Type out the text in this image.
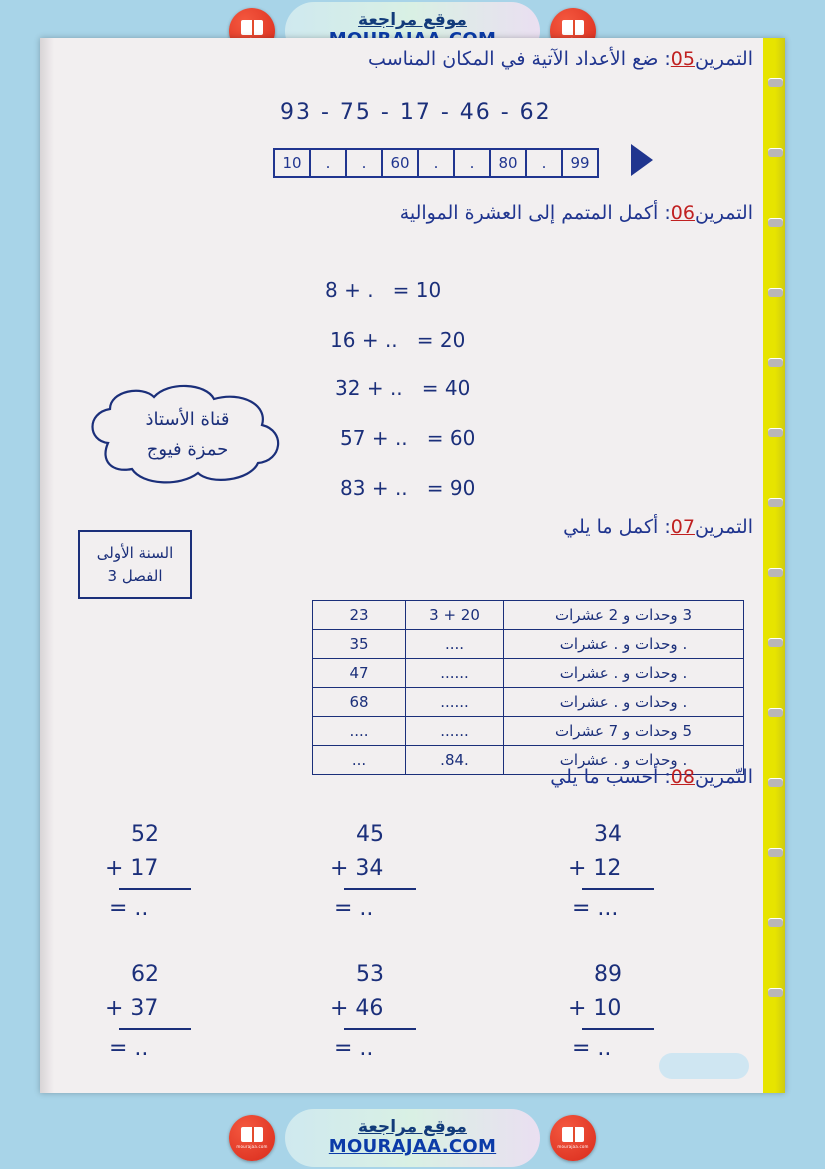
موقع مراجعة
التمرين05: ضع الأعداد الآتية في المكان المناسب
93 - 75 - 17 - 46 - 62
10	.	.	60	.	.	80	.	99
التمرين06: أكمل المتمم إلى العشرة الموالية
8 + .   = 10
16 + ..   = 20
32 + ..   = 40
57 + ..   = 60
83 + ..   = 90
قناة الأستاذ
حمزة فيوج
السنة الأولى
الفصل 3
التمرين07: أكمل ما يلي
3 وحدات و 2 عشرات	20 + 3	23
. وحدات و . عشرات	....	35
. وحدات و . عشرات	......	47
. وحدات و . عشرات	......	68
5 وحدات و 7 عشرات	......	....
. وحدات و . عشرات	.84.	...
التّمرين08: أحسب ما يلي
52
+ 17
= ..
45
+ 34
= ..
34
+ 12
= ...
62
+ 37
= ..
53
+ 46
= ..
89
+ 10
= ..
mourajaa.com
موقع مراجعة
MOURAJAA.COM	mourajaa.com
